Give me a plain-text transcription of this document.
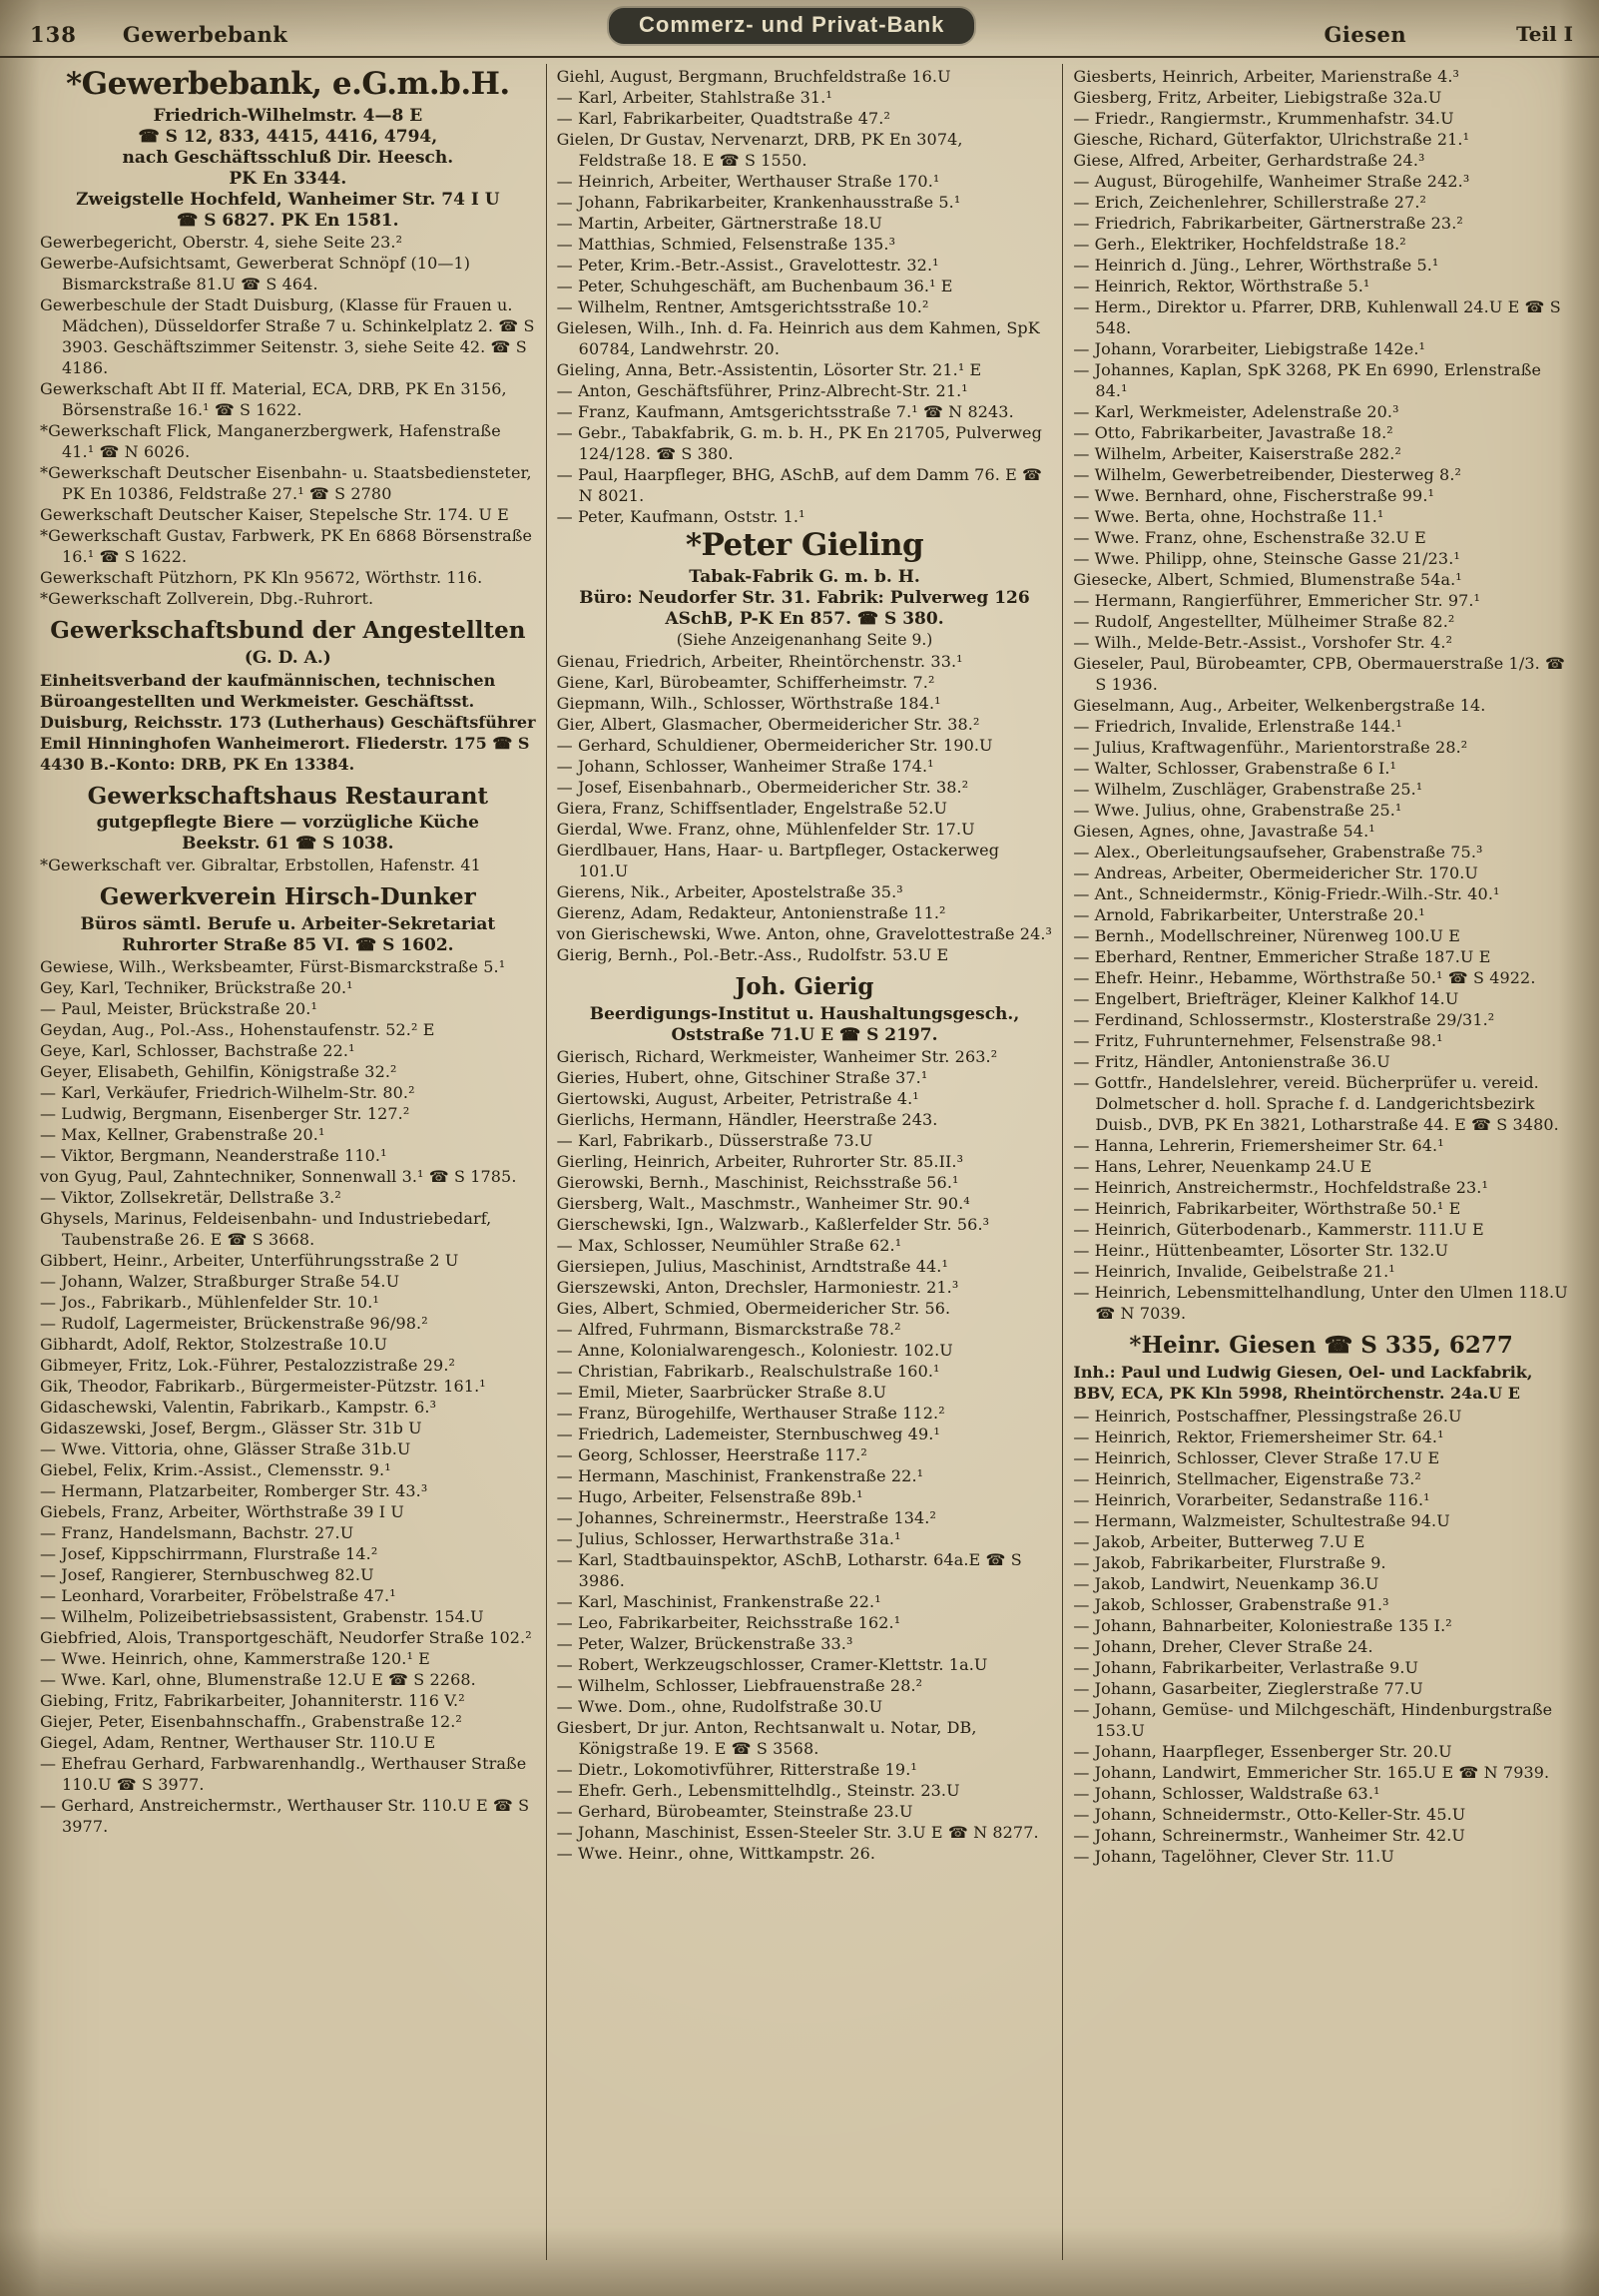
138 Gewerbebank	Commerz- und Privat-Bank	Giesen	Teil I
*Gewerbebank, e.G.m.b.H.
Friedrich-Wilhelmstr. 4—8 E
☎ S 12, 833, 4415, 4416, 4794,
nach Geschäftsschluß Dir. Heesch.
PK En 3344.
Zweigstelle Hochfeld, Wanheimer Str. 74 I U
☎ S 6827. PK En 1581.
Gewerbegericht, Oberstr. 4, siehe Seite 23.²
Gewerbe-Aufsichtsamt, Gewerberat Schnöpf (10—1) Bismarckstraße 81.U ☎ S 464.
Gewerbeschule der Stadt Duisburg, (Klasse für Frauen u. Mädchen), Düsseldorfer Straße 7 u. Schinkelplatz 2. ☎ S 3903. Geschäftszimmer Seitenstr. 3, siehe Seite 42. ☎ S 4186.
Gewerkschaft Abt II ff. Material, ECA, DRB, PK En 3156, Börsenstraße 16.¹ ☎ S 1622.
*Gewerkschaft Flick, Manganerzbergwerk, Hafenstraße 41.¹ ☎ N 6026.
*Gewerkschaft Deutscher Eisenbahn- u. Staatsbediensteter, PK En 10386, Feldstraße 27.¹ ☎ S 2780
Gewerkschaft Deutscher Kaiser, Stepelsche Str. 174. U E
*Gewerkschaft Gustav, Farbwerk, PK En 6868 Börsenstraße 16.¹ ☎ S 1622.
Gewerkschaft Pützhorn, PK Kln 95672, Wörthstr. 116.
*Gewerkschaft Zollverein, Dbg.-Ruhrort.
Gewerkschaftsbund der Angestellten
(G. D. A.)
Einheitsverband der kaufmännischen, technischen Büroangestellten und Werkmeister. Geschäftsst. Duisburg, Reichsstr. 173 (Lutherhaus) Geschäftsführer Emil Hinninghofen Wanheimerort. Fliederstr. 175 ☎ S 4430 B.-Konto: DRB, PK En 13384.
Gewerkschaftshaus Restaurant
gutgepflegte Biere — vorzügliche Küche
Beekstr. 61 ☎ S 1038.
*Gewerkschaft ver. Gibraltar, Erbstollen, Hafenstr. 41
Gewerkverein Hirsch-Dunker
Büros sämtl. Berufe u. Arbeiter-Sekretariat
Ruhrorter Straße 85 VI. ☎ S 1602.
Gewiese, Wilh., Werksbeamter, Fürst-Bismarckstraße 5.¹
Gey, Karl, Techniker, Brückstraße 20.¹
— Paul, Meister, Brückstraße 20.¹
Geydan, Aug., Pol.-Ass., Hohenstaufenstr. 52.² E
Geye, Karl, Schlosser, Bachstraße 22.¹
Geyer, Elisabeth, Gehilfin, Königstraße 32.²
— Karl, Verkäufer, Friedrich-Wilhelm-Str. 80.²
— Ludwig, Bergmann, Eisenberger Str. 127.²
— Max, Kellner, Grabenstraße 20.¹
— Viktor, Bergmann, Neanderstraße 110.¹
von Gyug, Paul, Zahntechniker, Sonnenwall 3.¹ ☎ S 1785.
— Viktor, Zollsekretär, Dellstraße 3.²
Ghysels, Marinus, Feldeisenbahn- und Industriebedarf, Taubenstraße 26. E ☎ S 3668.
Gibbert, Heinr., Arbeiter, Unterführungsstraße 2 U
— Johann, Walzer, Straßburger Straße 54.U
— Jos., Fabrikarb., Mühlenfelder Str. 10.¹
— Rudolf, Lagermeister, Brückenstraße 96/98.²
Gibhardt, Adolf, Rektor, Stolzestraße 10.U
Gibmeyer, Fritz, Lok.-Führer, Pestalozzistraße 29.²
Gik, Theodor, Fabrikarb., Bürgermeister-Pützstr. 161.¹
Gidaschewski, Valentin, Fabrikarb., Kampstr. 6.³
Gidaszewski, Josef, Bergm., Glässer Str. 31b U
— Wwe. Vittoria, ohne, Glässer Straße 31b.U
Giebel, Felix, Krim.-Assist., Clemensstr. 9.¹
— Hermann, Platzarbeiter, Romberger Str. 43.³
Giebels, Franz, Arbeiter, Wörthstraße 39 I U
— Franz, Handelsmann, Bachstr. 27.U
— Josef, Kippschirrmann, Flurstraße 14.²
— Josef, Rangierer, Sternbuschweg 82.U
— Leonhard, Vorarbeiter, Fröbelstraße 47.¹
— Wilhelm, Polizeibetriebsassistent, Grabenstr. 154.U
Giebfried, Alois, Transportgeschäft, Neudorfer Straße 102.²
— Wwe. Heinrich, ohne, Kammerstraße 120.¹ E
— Wwe. Karl, ohne, Blumenstraße 12.U E ☎ S 2268.
Giebing, Fritz, Fabrikarbeiter, Johanniterstr. 116 V.²
Giejer, Peter, Eisenbahnschaffn., Grabenstraße 12.²
Giegel, Adam, Rentner, Werthauser Str. 110.U E
— Ehefrau Gerhard, Farbwarenhandlg., Werthauser Straße 110.U ☎ S 3977.
— Gerhard, Anstreichermstr., Werthauser Str. 110.U E ☎ S 3977.
Giehl, August, Bergmann, Bruchfeldstraße 16.U
— Karl, Arbeiter, Stahlstraße 31.¹
— Karl, Fabrikarbeiter, Quadtstraße 47.²
Gielen, Dr Gustav, Nervenarzt, DRB, PK En 3074, Feldstraße 18. E ☎ S 1550.
— Heinrich, Arbeiter, Werthauser Straße 170.¹
— Johann, Fabrikarbeiter, Krankenhausstraße 5.¹
— Martin, Arbeiter, Gärtnerstraße 18.U
— Matthias, Schmied, Felsenstraße 135.³
— Peter, Krim.-Betr.-Assist., Gravelottestr. 32.¹
— Peter, Schuhgeschäft, am Buchenbaum 36.¹ E
— Wilhelm, Rentner, Amtsgerichtsstraße 10.²
Gielesen, Wilh., Inh. d. Fa. Heinrich aus dem Kahmen, SpK 60784, Landwehrstr. 20.
Gieling, Anna, Betr.-Assistentin, Lösorter Str. 21.¹ E
— Anton, Geschäftsführer, Prinz-Albrecht-Str. 21.¹
— Franz, Kaufmann, Amtsgerichtsstraße 7.¹ ☎ N 8243.
— Gebr., Tabakfabrik, G. m. b. H., PK En 21705, Pulverweg 124/128. ☎ S 380.
— Paul, Haarpfleger, BHG, ASchB, auf dem Damm 76. E ☎ N 8021.
— Peter, Kaufmann, Oststr. 1.¹
*Peter Gieling
Tabak-Fabrik G. m. b. H.
Büro: Neudorfer Str. 31. Fabrik: Pulverweg 126
ASchB, P-K En 857. ☎ S 380.
(Siehe Anzeigenanhang Seite 9.)
Gienau, Friedrich, Arbeiter, Rheintörchenstr. 33.¹
Giene, Karl, Bürobeamter, Schifferheimstr. 7.²
Giepmann, Wilh., Schlosser, Wörthstraße 184.¹
Gier, Albert, Glasmacher, Obermeidericher Str. 38.²
— Gerhard, Schuldiener, Obermeidericher Str. 190.U
— Johann, Schlosser, Wanheimer Straße 174.¹
— Josef, Eisenbahnarb., Obermeidericher Str. 38.²
Giera, Franz, Schiffsentlader, Engelstraße 52.U
Gierdal, Wwe. Franz, ohne, Mühlenfelder Str. 17.U
Gierdlbauer, Hans, Haar- u. Bartpfleger, Ostackerweg 101.U
Gierens, Nik., Arbeiter, Apostelstraße 35.³
Gierenz, Adam, Redakteur, Antonienstraße 11.²
von Gierischewski, Wwe. Anton, ohne, Gravelottestraße 24.³
Gierig, Bernh., Pol.-Betr.-Ass., Rudolfstr. 53.U E
Joh. Gierig
Beerdigungs-Institut u. Haushaltungsgesch.,
Oststraße 71.U E ☎ S 2197.
Gierisch, Richard, Werkmeister, Wanheimer Str. 263.²
Gieries, Hubert, ohne, Gitschiner Straße 37.¹
Giertowski, August, Arbeiter, Petristraße 4.¹
Gierlichs, Hermann, Händler, Heerstraße 243.
— Karl, Fabrikarb., Düsserstraße 73.U
Gierling, Heinrich, Arbeiter, Ruhrorter Str. 85.II.³
Gierowski, Bernh., Maschinist, Reichsstraße 56.¹
Giersberg, Walt., Maschmstr., Wanheimer Str. 90.⁴
Gierschewski, Ign., Walzwarb., Kaßlerfelder Str. 56.³
— Max, Schlosser, Neumühler Straße 62.¹
Giersiepen, Julius, Maschinist, Arndtstraße 44.¹
Gierszewski, Anton, Drechsler, Harmoniestr. 21.³
Gies, Albert, Schmied, Obermeidericher Str. 56.
— Alfred, Fuhrmann, Bismarckstraße 78.²
— Anne, Kolonialwarengesch., Koloniestr. 102.U
— Christian, Fabrikarb., Realschulstraße 160.¹
— Emil, Mieter, Saarbrücker Straße 8.U
— Franz, Bürogehilfe, Werthauser Straße 112.²
— Friedrich, Lademeister, Sternbuschweg 49.¹
— Georg, Schlosser, Heerstraße 117.²
— Hermann, Maschinist, Frankenstraße 22.¹
— Hugo, Arbeiter, Felsenstraße 89b.¹
— Johannes, Schreinermstr., Heerstraße 134.²
— Julius, Schlosser, Herwarthstraße 31a.¹
— Karl, Stadtbauinspektor, ASchB, Lotharstr. 64a.E ☎ S 3986.
— Karl, Maschinist, Frankenstraße 22.¹
— Leo, Fabrikarbeiter, Reichsstraße 162.¹
— Peter, Walzer, Brückenstraße 33.³
— Robert, Werkzeugschlosser, Cramer-Klettstr. 1a.U
— Wilhelm, Schlosser, Liebfrauenstraße 28.²
— Wwe. Dom., ohne, Rudolfstraße 30.U
Giesbert, Dr jur. Anton, Rechtsanwalt u. Notar, DB, Königstraße 19. E ☎ S 3568.
— Dietr., Lokomotivführer, Ritterstraße 19.¹
— Ehefr. Gerh., Lebensmittelhdlg., Steinstr. 23.U
— Gerhard, Bürobeamter, Steinstraße 23.U
— Johann, Maschinist, Essen-Steeler Str. 3.U E ☎ N 8277.
— Wwe. Heinr., ohne, Wittkampstr. 26.
Giesberts, Heinrich, Arbeiter, Marienstraße 4.³
Giesberg, Fritz, Arbeiter, Liebigstraße 32a.U
— Friedr., Rangiermstr., Krummenhafstr. 34.U
Giesche, Richard, Güterfaktor, Ulrichstraße 21.¹
Giese, Alfred, Arbeiter, Gerhardstraße 24.³
— August, Bürogehilfe, Wanheimer Straße 242.³
— Erich, Zeichenlehrer, Schillerstraße 27.²
— Friedrich, Fabrikarbeiter, Gärtnerstraße 23.²
— Gerh., Elektriker, Hochfeldstraße 18.²
— Heinrich d. Jüng., Lehrer, Wörthstraße 5.¹
— Heinrich, Rektor, Wörthstraße 5.¹
— Herm., Direktor u. Pfarrer, DRB, Kuhlenwall 24.U E ☎ S 548.
— Johann, Vorarbeiter, Liebigstraße 142e.¹
— Johannes, Kaplan, SpK 3268, PK En 6990, Erlenstraße 84.¹
— Karl, Werkmeister, Adelenstraße 20.³
— Otto, Fabrikarbeiter, Javastraße 18.²
— Wilhelm, Arbeiter, Kaiserstraße 282.²
— Wilhelm, Gewerbetreibender, Diesterweg 8.²
— Wwe. Bernhard, ohne, Fischerstraße 99.¹
— Wwe. Berta, ohne, Hochstraße 11.¹
— Wwe. Franz, ohne, Eschenstraße 32.U E
— Wwe. Philipp, ohne, Steinsche Gasse 21/23.¹
Giesecke, Albert, Schmied, Blumenstraße 54a.¹
— Hermann, Rangierführer, Emmericher Str. 97.¹
— Rudolf, Angestellter, Mülheimer Straße 82.²
— Wilh., Melde-Betr.-Assist., Vorshofer Str. 4.²
Gieseler, Paul, Bürobeamter, CPB, Obermauerstraße 1/3. ☎ S 1936.
Gieselmann, Aug., Arbeiter, Welkenbergstraße 14.
— Friedrich, Invalide, Erlenstraße 144.¹
— Julius, Kraftwagenführ., Marientorstraße 28.²
— Walter, Schlosser, Grabenstraße 6 I.¹
— Wilhelm, Zuschläger, Grabenstraße 25.¹
— Wwe. Julius, ohne, Grabenstraße 25.¹
Giesen, Agnes, ohne, Javastraße 54.¹
— Alex., Oberleitungsaufseher, Grabenstraße 75.³
— Andreas, Arbeiter, Obermeidericher Str. 170.U
— Ant., Schneidermstr., König-Friedr.-Wilh.-Str. 40.¹
— Arnold, Fabrikarbeiter, Unterstraße 20.¹
— Bernh., Modellschreiner, Nürenweg 100.U E
— Eberhard, Rentner, Emmericher Straße 187.U E
— Ehefr. Heinr., Hebamme, Wörthstraße 50.¹ ☎ S 4922.
— Engelbert, Briefträger, Kleiner Kalkhof 14.U
— Ferdinand, Schlossermstr., Klosterstraße 29/31.²
— Fritz, Fuhrunternehmer, Felsenstraße 98.¹
— Fritz, Händler, Antonienstraße 36.U
— Gottfr., Handelslehrer, vereid. Bücherprüfer u. vereid. Dolmetscher d. holl. Sprache f. d. Landgerichtsbezirk Duisb., DVB, PK En 3821, Lotharstraße 44. E ☎ S 3480.
— Hanna, Lehrerin, Friemersheimer Str. 64.¹
— Hans, Lehrer, Neuenkamp 24.U E
— Heinrich, Anstreichermstr., Hochfeldstraße 23.¹
— Heinrich, Fabrikarbeiter, Wörthstraße 50.¹ E
— Heinrich, Güterbodenarb., Kammerstr. 111.U E
— Heinr., Hüttenbeamter, Lösorter Str. 132.U
— Heinrich, Invalide, Geibelstraße 21.¹
— Heinrich, Lebensmittelhandlung, Unter den Ulmen 118.U ☎ N 7039.
*Heinr. Giesen ☎ S 335, 6277
Inh.: Paul und Ludwig Giesen, Oel- und Lackfabrik, BBV, ECA, PK Kln 5998, Rheintörchenstr. 24a.U E
— Heinrich, Postschaffner, Plessingstraße 26.U
— Heinrich, Rektor, Friemersheimer Str. 64.¹
— Heinrich, Schlosser, Clever Straße 17.U E
— Heinrich, Stellmacher, Eigenstraße 73.²
— Heinrich, Vorarbeiter, Sedanstraße 116.¹
— Hermann, Walzmeister, Schultestraße 94.U
— Jakob, Arbeiter, Butterweg 7.U E
— Jakob, Fabrikarbeiter, Flurstraße 9.
— Jakob, Landwirt, Neuenkamp 36.U
— Jakob, Schlosser, Grabenstraße 91.³
— Johann, Bahnarbeiter, Koloniestraße 135 I.²
— Johann, Dreher, Clever Straße 24.
— Johann, Fabrikarbeiter, Verlastraße 9.U
— Johann, Gasarbeiter, Zieglerstraße 77.U
— Johann, Gemüse- und Milchgeschäft, Hindenburgstraße 153.U
— Johann, Haarpfleger, Essenberger Str. 20.U
— Johann, Landwirt, Emmericher Str. 165.U E ☎ N 7939.
— Johann, Schlosser, Waldstraße 63.¹
— Johann, Schneidermstr., Otto-Keller-Str. 45.U
— Johann, Schreinermstr., Wanheimer Str. 42.U
— Johann, Tagelöhner, Clever Str. 11.U
